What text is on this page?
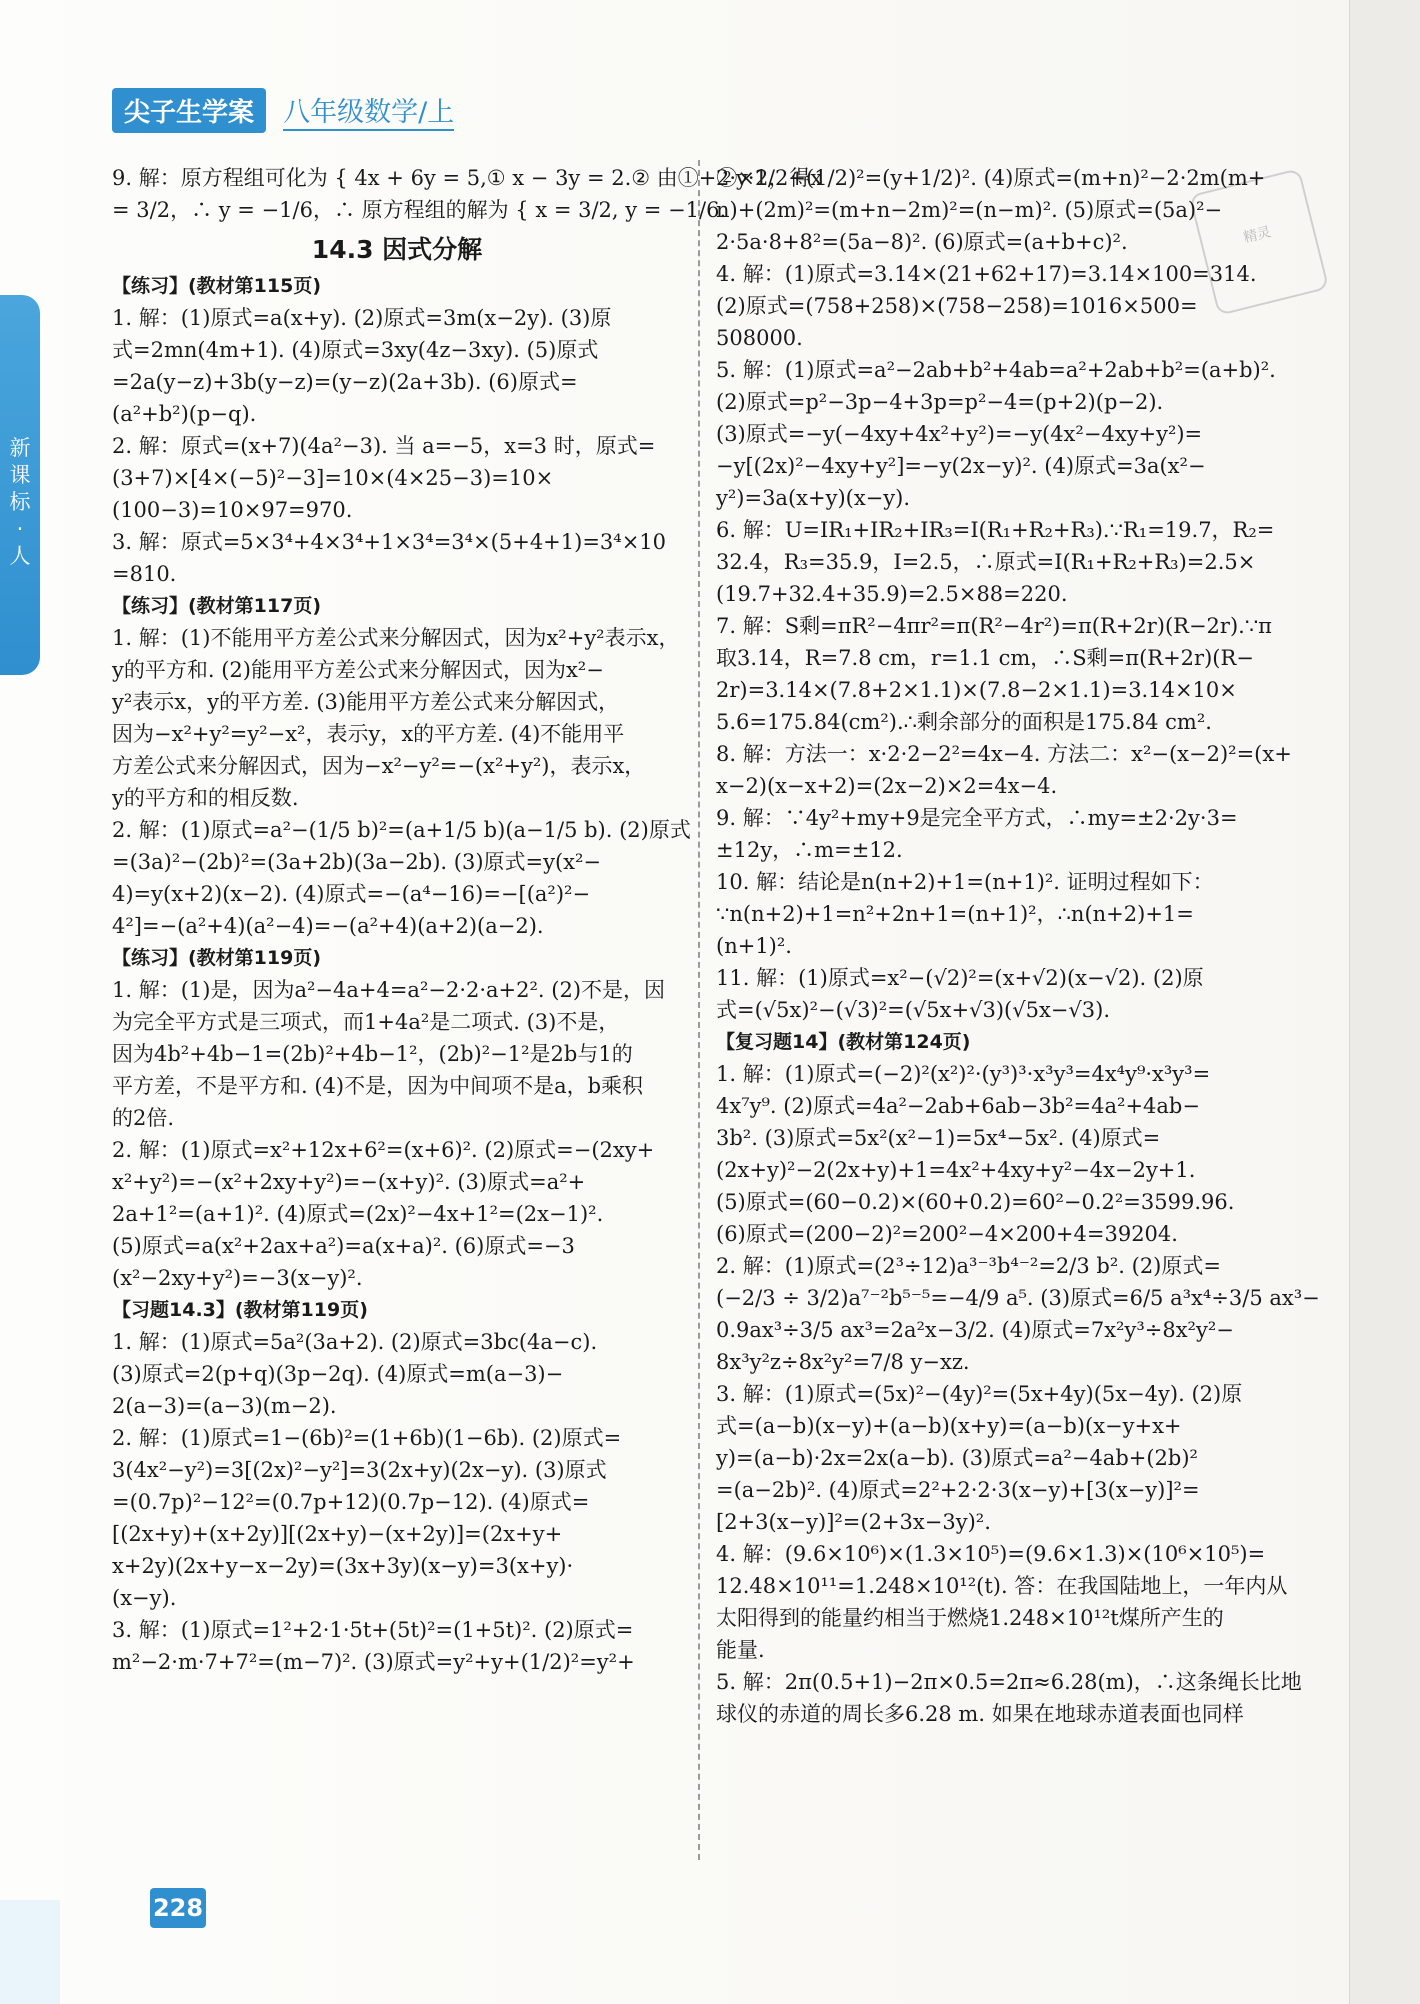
新课标·人
尖子生学案 八年级数学/上
精灵
9. 解：原方程组可化为 { 4x + 6y = 5,① x − 3y = 2.② 由①+②×2，得x
= 3/2，∴ y = −1/6，∴ 原方程组的解为 { x = 3/2, y = −1/6.
14.3 因式分解
【练习】(教材第115页)
1. 解：(1)原式=a(x+y). (2)原式=3m(x−2y). (3)原
式=2mn(4m+1). (4)原式=3xy(4z−3xy). (5)原式
=2a(y−z)+3b(y−z)=(y−z)(2a+3b). (6)原式=
(a²+b²)(p−q).
2. 解：原式=(x+7)(4a²−3). 当 a=−5，x=3 时，原式=
(3+7)×[4×(−5)²−3]=10×(4×25−3)=10×
(100−3)=10×97=970.
3. 解：原式=5×3⁴+4×3⁴+1×3⁴=3⁴×(5+4+1)=3⁴×10
=810.
【练习】(教材第117页)
1. 解：(1)不能用平方差公式来分解因式，因为x²+y²表示x，
y的平方和. (2)能用平方差公式来分解因式，因为x²−
y²表示x，y的平方差. (3)能用平方差公式来分解因式，
因为−x²+y²=y²−x²，表示y，x的平方差. (4)不能用平
方差公式来分解因式，因为−x²−y²=−(x²+y²)，表示x，
y的平方和的相反数.
2. 解：(1)原式=a²−(1/5 b)²=(a+1/5 b)(a−1/5 b). (2)原式
=(3a)²−(2b)²=(3a+2b)(3a−2b). (3)原式=y(x²−
4)=y(x+2)(x−2). (4)原式=−(a⁴−16)=−[(a²)²−
4²]=−(a²+4)(a²−4)=−(a²+4)(a+2)(a−2).
【练习】(教材第119页)
1. 解：(1)是，因为a²−4a+4=a²−2·2·a+2². (2)不是，因
为完全平方式是三项式，而1+4a²是二项式. (3)不是，
因为4b²+4b−1=(2b)²+4b−1²，(2b)²−1²是2b与1的
平方差，不是平方和. (4)不是，因为中间项不是a，b乘积
的2倍.
2. 解：(1)原式=x²+12x+6²=(x+6)². (2)原式=−(2xy+
x²+y²)=−(x²+2xy+y²)=−(x+y)². (3)原式=a²+
2a+1²=(a+1)². (4)原式=(2x)²−4x+1²=(2x−1)².
(5)原式=a(x²+2ax+a²)=a(x+a)². (6)原式=−3
(x²−2xy+y²)=−3(x−y)².
【习题14.3】(教材第119页)
1. 解：(1)原式=5a²(3a+2). (2)原式=3bc(4a−c).
(3)原式=2(p+q)(3p−2q). (4)原式=m(a−3)−
2(a−3)=(a−3)(m−2).
2. 解：(1)原式=1−(6b)²=(1+6b)(1−6b). (2)原式=
3(4x²−y²)=3[(2x)²−y²]=3(2x+y)(2x−y). (3)原式
=(0.7p)²−12²=(0.7p+12)(0.7p−12). (4)原式=
[(2x+y)+(x+2y)][(2x+y)−(x+2y)]=(2x+y+
x+2y)(2x+y−x−2y)=(3x+3y)(x−y)=3(x+y)·
(x−y).
3. 解：(1)原式=1²+2·1·5t+(5t)²=(1+5t)². (2)原式=
m²−2·m·7+7²=(m−7)². (3)原式=y²+y+(1/2)²=y²+
2·y·1/2+(1/2)²=(y+1/2)². (4)原式=(m+n)²−2·2m(m+
n)+(2m)²=(m+n−2m)²=(n−m)². (5)原式=(5a)²−
2·5a·8+8²=(5a−8)². (6)原式=(a+b+c)².
4. 解：(1)原式=3.14×(21+62+17)=3.14×100=314.
(2)原式=(758+258)×(758−258)=1016×500=
508000.
5. 解：(1)原式=a²−2ab+b²+4ab=a²+2ab+b²=(a+b)².
(2)原式=p²−3p−4+3p=p²−4=(p+2)(p−2).
(3)原式=−y(−4xy+4x²+y²)=−y(4x²−4xy+y²)=
−y[(2x)²−4xy+y²]=−y(2x−y)². (4)原式=3a(x²−
y²)=3a(x+y)(x−y).
6. 解：U=IR₁+IR₂+IR₃=I(R₁+R₂+R₃).∵R₁=19.7，R₂=
32.4，R₃=35.9，I=2.5，∴原式=I(R₁+R₂+R₃)=2.5×
(19.7+32.4+35.9)=2.5×88=220.
7. 解：S剩=πR²−4πr²=π(R²−4r²)=π(R+2r)(R−2r).∵π
取3.14，R=7.8 cm，r=1.1 cm，∴S剩=π(R+2r)(R−
2r)=3.14×(7.8+2×1.1)×(7.8−2×1.1)=3.14×10×
5.6=175.84(cm²).∴剩余部分的面积是175.84 cm².
8. 解：方法一：x·2·2−2²=4x−4. 方法二：x²−(x−2)²=(x+
x−2)(x−x+2)=(2x−2)×2=4x−4.
9. 解：∵4y²+my+9是完全平方式，∴my=±2·2y·3=
±12y，∴m=±12.
10. 解：结论是n(n+2)+1=(n+1)². 证明过程如下：
∵n(n+2)+1=n²+2n+1=(n+1)²，∴n(n+2)+1=
(n+1)².
11. 解：(1)原式=x²−(√2)²=(x+√2)(x−√2). (2)原
式=(√5x)²−(√3)²=(√5x+√3)(√5x−√3).
【复习题14】(教材第124页)
1. 解：(1)原式=(−2)²(x²)²·(y³)³·x³y³=4x⁴y⁹·x³y³=
4x⁷y⁹. (2)原式=4a²−2ab+6ab−3b²=4a²+4ab−
3b². (3)原式=5x²(x²−1)=5x⁴−5x². (4)原式=
(2x+y)²−2(2x+y)+1=4x²+4xy+y²−4x−2y+1.
(5)原式=(60−0.2)×(60+0.2)=60²−0.2²=3599.96.
(6)原式=(200−2)²=200²−4×200+4=39204.
2. 解：(1)原式=(2³÷12)a³⁻³b⁴⁻²=2/3 b². (2)原式=
(−2/3 ÷ 3/2)a⁷⁻²b⁵⁻⁵=−4/9 a⁵. (3)原式=6/5 a³x⁴÷3/5 ax³−
0.9ax³÷3/5 ax³=2a²x−3/2. (4)原式=7x²y³÷8x²y²−
8x³y²z÷8x²y²=7/8 y−xz.
3. 解：(1)原式=(5x)²−(4y)²=(5x+4y)(5x−4y). (2)原
式=(a−b)(x−y)+(a−b)(x+y)=(a−b)(x−y+x+
y)=(a−b)·2x=2x(a−b). (3)原式=a²−4ab+(2b)²
=(a−2b)². (4)原式=2²+2·2·3(x−y)+[3(x−y)]²=
[2+3(x−y)]²=(2+3x−3y)².
4. 解：(9.6×10⁶)×(1.3×10⁵)=(9.6×1.3)×(10⁶×10⁵)=
12.48×10¹¹=1.248×10¹²(t). 答：在我国陆地上，一年内从
太阳得到的能量约相当于燃烧1.248×10¹²t煤所产生的
能量.
5. 解：2π(0.5+1)−2π×0.5=2π≈6.28(m)，∴这条绳长比地
球仪的赤道的周长多6.28 m. 如果在地球赤道表面也同样
228
